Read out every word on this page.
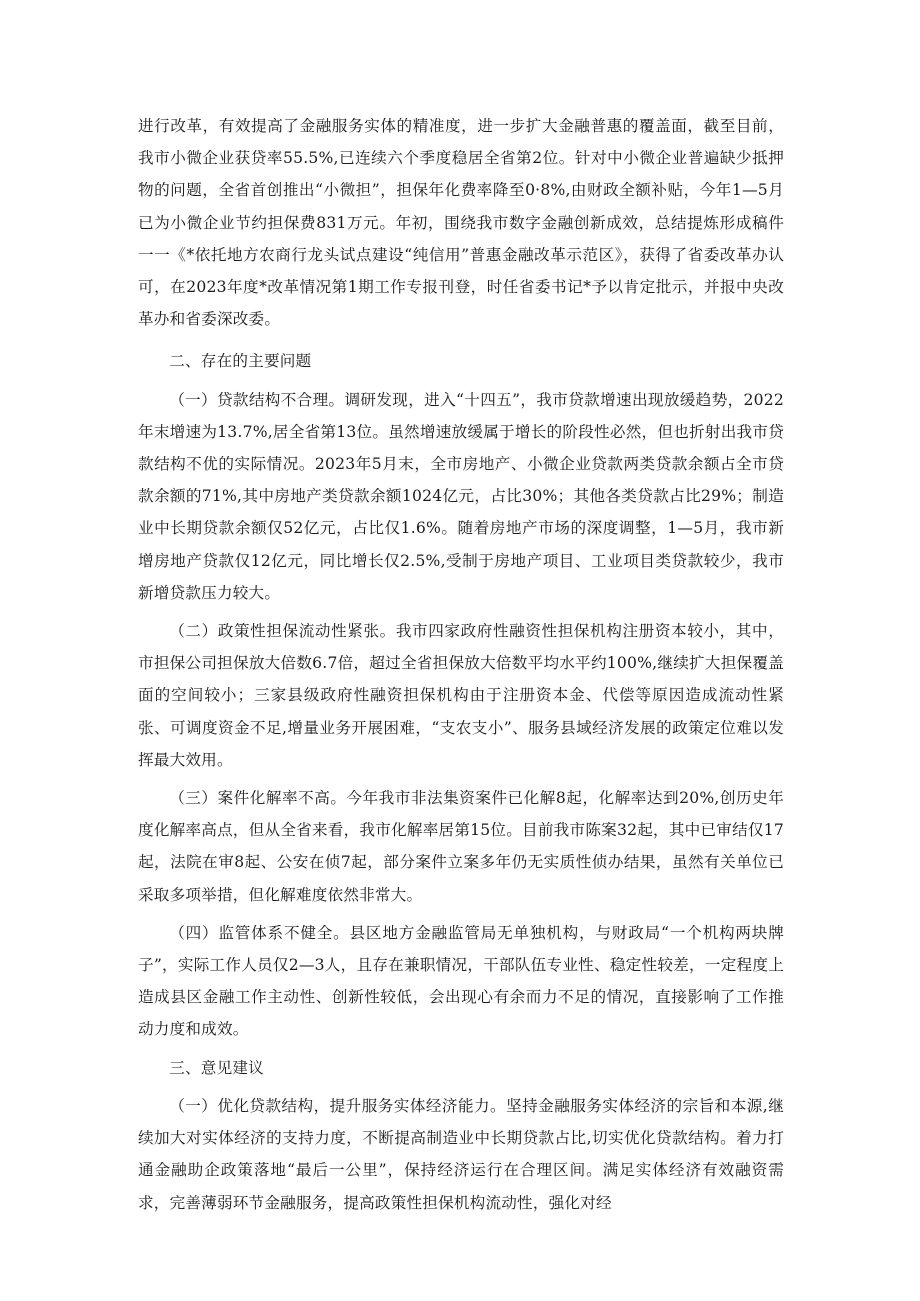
进行改革，有效提高了金融服务实体的精准度，进一步扩大金融普惠的覆盖面，截至目前，我市小微企业获贷率55.5%,已连续六个季度稳居全省第2位。针对中小微企业普遍缺少抵押物的问题，全省首创推出“小微担”，担保年化费率降至0·8%,由财政全额补贴，今年1—5月已为小微企业节约担保费831万元。年初，围绕我市数字金融创新成效，总结提炼形成稿件一一《*依托地方农商行龙头试点建设“纯信用”普惠金融改革示范区》，获得了省委改革办认可，在2023年度*改革情况第1期工作专报刊登，时任省委书记*予以肯定批示，并报中央改革办和省委深改委。

二、存在的主要问题

（一）贷款结构不合理。调研发现，进入“十四五”，我市贷款增速出现放缓趋势，2022年末增速为13.7%,居全省第13位。虽然增速放缓属于增长的阶段性必然，但也折射出我市贷款结构不优的实际情况。2023年5月末，全市房地产、小微企业贷款两类贷款余额占全市贷款余额的71%,其中房地产类贷款余额1024亿元，占比30%；其他各类贷款占比29%；制造业中长期贷款余额仅52亿元，占比仅1.6%。随着房地产市场的深度调整，1—5月，我市新增房地产贷款仅12亿元，同比增长仅2.5%,受制于房地产项目、工业项目类贷款较少，我市新增贷款压力较大。

（二）政策性担保流动性紧张。我市四家政府性融资性担保机构注册资本较小，其中，市担保公司担保放大倍数6.7倍，超过全省担保放大倍数平均水平约100%,继续扩大担保覆盖面的空间较小；三家县级政府性融资担保机构由于注册资本金、代偿等原因造成流动性紧张、可调度资金不足,增量业务开展困难，“支农支小”、服务县域经济发展的政策定位难以发挥最大效用。

（三）案件化解率不高。今年我市非法集资案件已化解8起，化解率达到20%,创历史年度化解率高点，但从全省来看，我市化解率居第15位。目前我市陈案32起，其中已审结仅17起，法院在审8起、公安在侦7起，部分案件立案多年仍无实质性侦办结果，虽然有关单位已采取多项举措，但化解难度依然非常大。

（四）监管体系不健全。县区地方金融监管局无单独机构，与财政局“一个机构两块牌子”，实际工作人员仅2—3人，且存在兼职情况，干部队伍专业性、稳定性较差，一定程度上造成县区金融工作主动性、创新性较低，会出现心有余而力不足的情况，直接影响了工作推动力度和成效。

三、意见建议

（一）优化贷款结构，提升服务实体经济能力。坚持金融服务实体经济的宗旨和本源,继续加大对实体经济的支持力度，不断提高制造业中长期贷款占比,切实优化贷款结构。着力打通金融助企政策落地“最后一公里”，保持经济运行在合理区间。满足实体经济有效融资需求，完善薄弱环节金融服务，提高政策性担保机构流动性，强化对经
